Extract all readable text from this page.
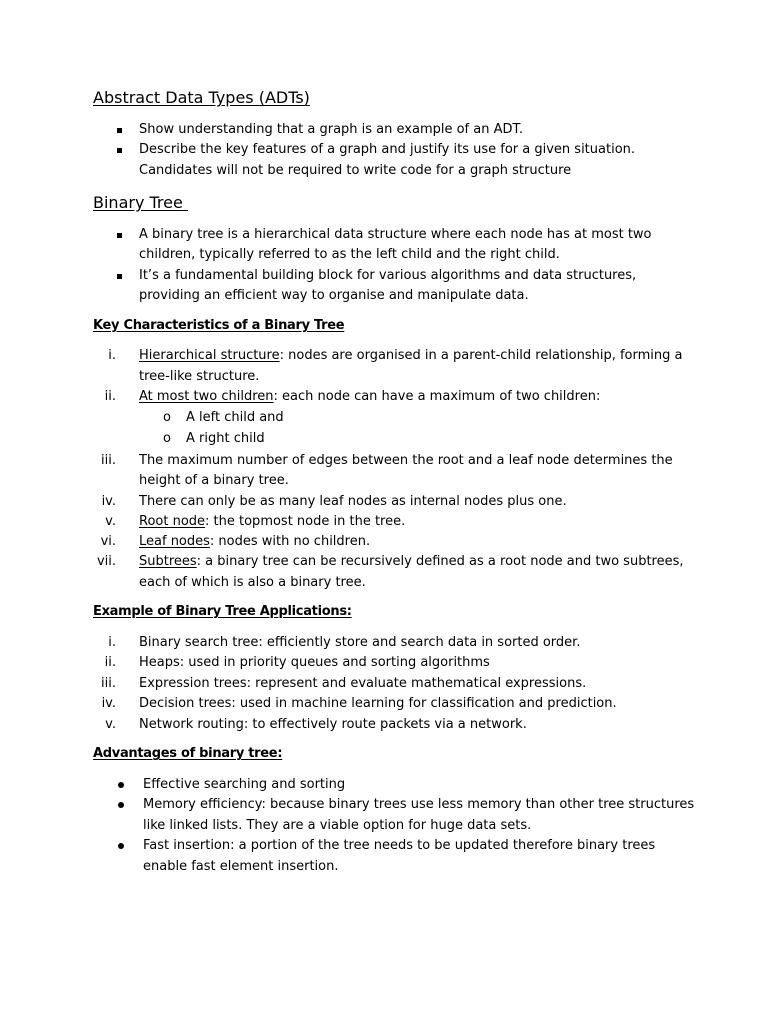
Abstract Data Types (ADTs)
Show understanding that a graph is an example of an ADT.
Describe the key features of a graph and justify its use for a given situation.
Candidates will not be required to write code for a graph structure
Binary Tree
A binary tree is a hierarchical data structure where each node has at most two
children, typically referred to as the left child and the right child.
It’s a fundamental building block for various algorithms and data structures,
providing an efficient way to organise and manipulate data.
Key Characteristics of a Binary Tree
i. Hierarchical structure: nodes are organised in a parent-child relationship, forming a
tree-like structure.
ii. At most two children: each node can have a maximum of two children:
o	A left child and
o	A right child
iii. The maximum number of edges between the root and a leaf node determines the
height of a binary tree.
iv. There can only be as many leaf nodes as internal nodes plus one.
v. Root node: the topmost node in the tree.
vi. Leaf nodes: nodes with no children.
vii. Subtrees: a binary tree can be recursively defined as a root node and two subtrees,
each of which is also a binary tree.
Example of Binary Tree Applications:
i. Binary search tree: efficiently store and search data in sorted order.
ii. Heaps: used in priority queues and sorting algorithms
iii. Expression trees: represent and evaluate mathematical expressions.
iv. Decision trees: used in machine learning for classification and prediction.
v. Network routing: to effectively route packets via a network.
Advantages of binary tree:
Effective searching and sorting
Memory efficiency: because binary trees use less memory than other tree structures
like linked lists. They are a viable option for huge data sets.
Fast insertion: a portion of the tree needs to be updated therefore binary trees
enable fast element insertion.
